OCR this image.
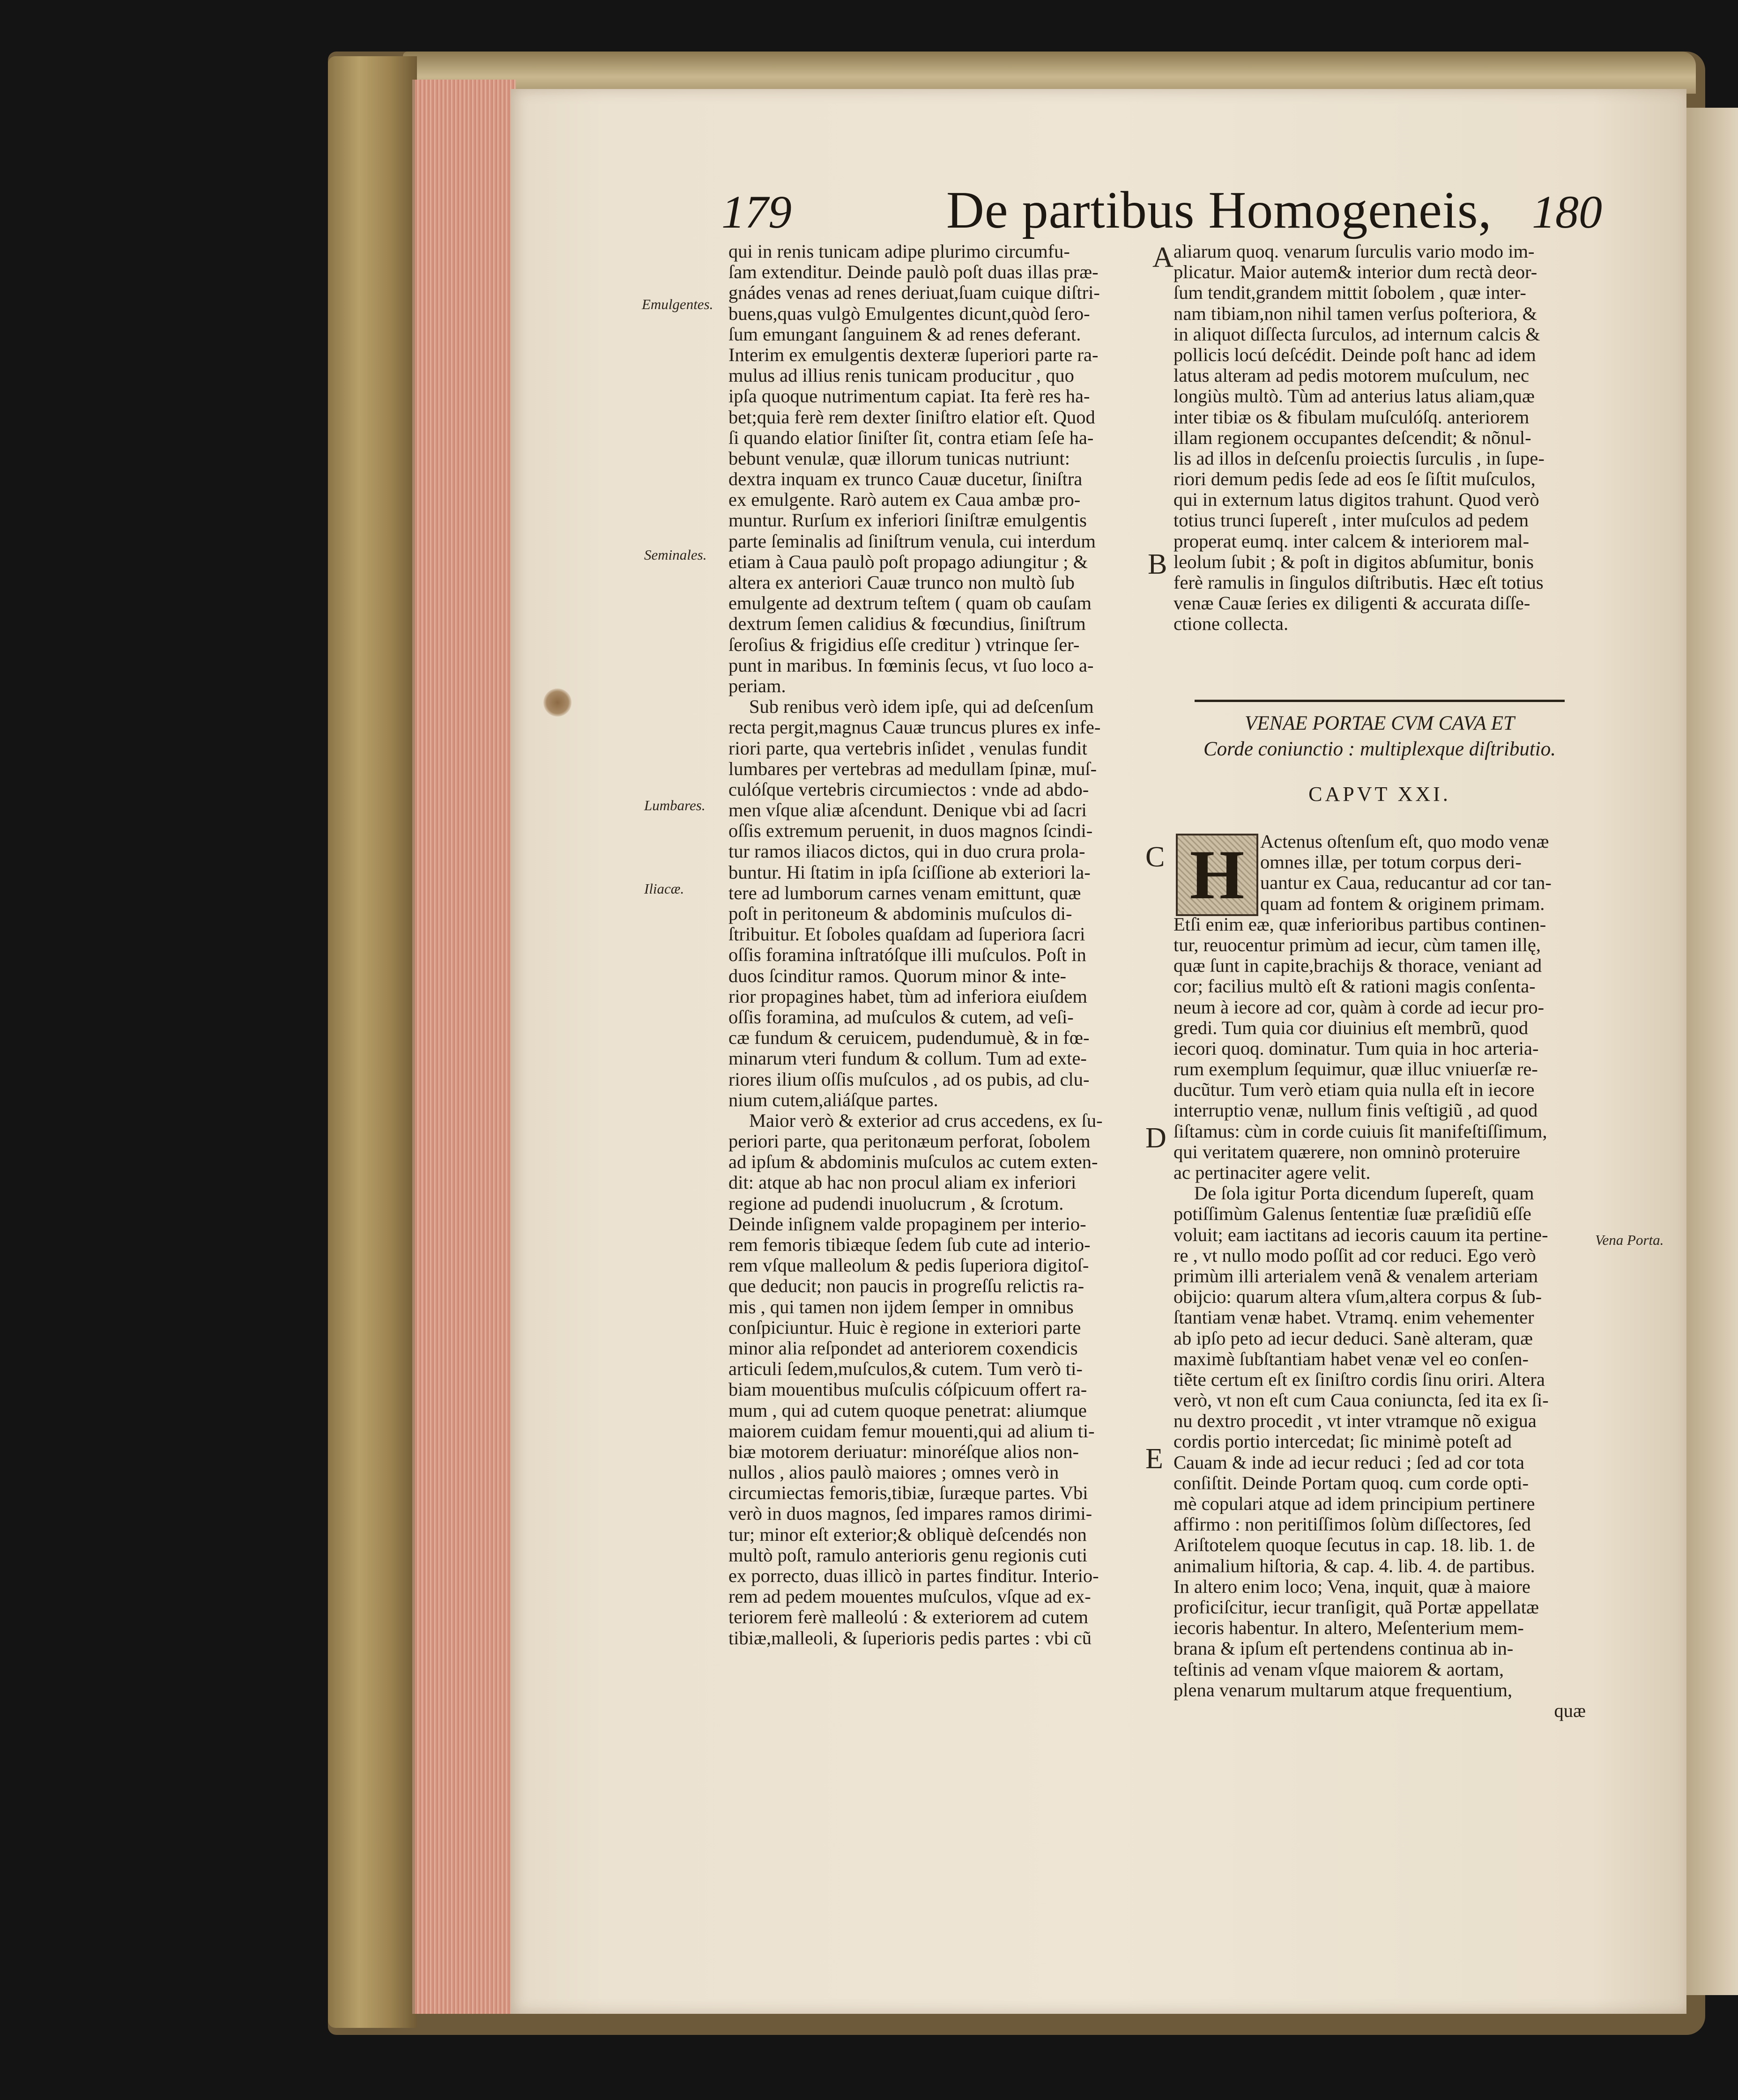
179	De partibus Homogeneis, 180
Emulgentes.
Seminales.
Lumbares.
Iliacæ.
Vena Porta.
A
B
C
D
E
qui in renis tunicam adipe plurimo circumfu-
ſam extenditur. Deinde paulò poſt duas illas præ-
gnádes venas ad renes deriuat,ſuam cuique diſtri-
buens,quas vulgò Emulgentes dicunt,quòd ſero-
ſum emungant ſanguinem & ad renes deferant.
Interim ex emulgentis dexteræ ſuperiori parte ra-
mulus ad illius renis tunicam producitur , quo
ipſa quoque nutrimentum capiat. Ita ferè res ha-
bet;quia ferè rem dexter ſiniſtro elatior eſt. Quod
ſi quando elatior ſiniſter ſit, contra etiam ſeſe ha-
bebunt venulæ, quæ illorum tunicas nutriunt:
dextra inquam ex trunco Cauæ ducetur, ſiniſtra
ex emulgente. Rarò autem ex Caua ambæ pro-
muntur. Rurſum ex inferiori ſiniſtræ emulgentis
parte ſeminalis ad ſiniſtrum venula, cui interdum
etiam à Caua paulò poſt propago adiungitur ; &
altera ex anteriori Cauæ trunco non multò ſub
emulgente ad dextrum teſtem ( quam ob cauſam
dextrum ſemen calidius & fœcundius, ſiniſtrum
ſeroſius & frigidius eſſe creditur ) vtrinque ſer-
punt in maribus. In fœminis ſecus, vt ſuo loco a-
periam.
Sub renibus verò idem ipſe, qui ad deſcenſum
recta pergit,magnus Cauæ truncus plures ex infe-
riori parte, qua vertebris inſidet , venulas fundit
lumbares per vertebras ad medullam ſpinæ, muſ-
culóſque vertebris circumiectos : vnde ad abdo-
men vſque aliæ aſcendunt. Denique vbi ad ſacri
oſſis extremum peruenit, in duos magnos ſcindi-
tur ramos iliacos dictos, qui in duo crura prola-
buntur. Hi ſtatim in ipſa ſciſſione ab exteriori la-
tere ad lumborum carnes venam emittunt, quæ
poſt in peritoneum & abdominis muſculos di-
ſtribuitur. Et ſoboles quaſdam ad ſuperiora ſacri
oſſis foramina inſtratóſque illi muſculos. Poſt in
duos ſcinditur ramos. Quorum minor & inte-
rior propagines habet, tùm ad inferiora eiuſdem
oſſis foramina, ad muſculos & cutem, ad veſi-
cæ fundum & ceruicem, pudendumuè, & in fœ-
minarum vteri fundum & collum. Tum ad exte-
riores ilium oſſis muſculos , ad os pubis, ad clu-
nium cutem,aliáſque partes.
Maior verò & exterior ad crus accedens, ex ſu-
periori parte, qua peritonæum perforat, ſobolem
ad ipſum & abdominis muſculos ac cutem exten-
dit: atque ab hac non procul aliam ex inferiori
regione ad pudendi inuolucrum , & ſcrotum.
Deinde inſignem valde propaginem per interio-
rem femoris tibiæque ſedem ſub cute ad interio-
rem vſque malleolum & pedis ſuperiora digitoſ-
que deducit; non paucis in progreſſu relictis ra-
mis , qui tamen non ijdem ſemper in omnibus
conſpiciuntur. Huic è regione in exteriori parte
minor alia reſpondet ad anteriorem coxendicis
articuli ſedem,muſculos,& cutem. Tum verò ti-
biam mouentibus muſculis cóſpicuum offert ra-
mum , qui ad cutem quoque penetrat: aliumque
maiorem cuidam femur mouenti,qui ad alium ti-
biæ motorem deriuatur: minoréſque alios non-
nullos , alios paulò maiores ; omnes verò in
circumiectas femoris,tibiæ, ſuræque partes. Vbi
verò in duos magnos, ſed impares ramos dirimi-
tur; minor eſt exterior;& obliquè deſcendés non
multò poſt, ramulo anterioris genu regionis cuti
ex porrecto, duas illicò in partes finditur. Interio-
rem ad pedem mouentes muſculos, vſque ad ex-
teriorem ferè malleolú : & exteriorem ad cutem
tibiæ,malleoli, & ſuperioris pedis partes : vbi cũ
aliarum quoq. venarum ſurculis vario modo im-
plicatur. Maior autem& interior dum rectà deor-
ſum tendit,grandem mittit ſobolem , quæ inter-
nam tibiam,non nihil tamen verſus poſteriora, &
in aliquot diſſecta ſurculos, ad internum calcis &
pollicis locú deſcédit. Deinde poſt hanc ad idem
latus alteram ad pedis motorem muſculum, nec
longiùs multò. Tùm ad anterius latus aliam,quæ
inter tibiæ os & fibulam muſculóſq. anteriorem
illam regionem occupantes deſcendit; & nõnul-
lis ad illos in deſcenſu proiectis ſurculis , in ſupe-
riori demum pedis ſede ad eos ſe ſiſtit muſculos,
qui in externum latus digitos trahunt. Quod verò
totius trunci ſupereſt , inter muſculos ad pedem
properat eumq. inter calcem & interiorem mal-
leolum ſubit ; & poſt in digitos abſumitur, bonis
ferè ramulis in ſingulos diſtributis. Hæc eſt totius
venæ Cauæ ſeries ex diligenti & accurata diſſe-
ctione collecta.
VENAE PORTAE CVM CAVA ET
Corde coniunctio : multiplexque diſtributio.
CAPVT XXI.
H Actenus oſtenſum eſt, quo modo venæ
omnes illæ, per totum corpus deri-
uantur ex Caua, reducantur ad cor tan-
quam ad fontem & originem primam.
Etſi enim eæ, quæ inferioribus partibus continen-
tur, reuocentur primùm ad iecur, cùm tamen illę,
quæ ſunt in capite,brachijs & thorace, veniant ad
cor; facilius multò eſt & rationi magis conſenta-
neum à iecore ad cor, quàm à corde ad iecur pro-
gredi. Tum quia cor diuinius eſt membrũ, quod
iecori quoq. dominatur. Tum quia in hoc arteria-
rum exemplum ſequimur, quæ illuc vniuerſæ re-
ducũtur. Tum verò etiam quia nulla eſt in iecore
interruptio venæ, nullum finis veſtigiũ , ad quod
ſiſtamus: cùm in corde cuiuis ſit manifeſtiſſimum,
qui veritatem quærere, non omninò proteruire
ac pertinaciter agere velit.
De ſola igitur Porta dicendum ſupereſt, quam
potiſſimùm Galenus ſententiæ ſuæ præſidiũ eſſe
voluit; eam iactitans ad iecoris cauum ita pertine-
re , vt nullo modo poſſit ad cor reduci. Ego verò
primùm illi arterialem venã & venalem arteriam
obijcio: quarum altera vſum,altera corpus & ſub-
ſtantiam venæ habet. Vtramq. enim vehementer
ab ipſo peto ad iecur deduci. Sanè alteram, quæ
maximè ſubſtantiam habet venæ vel eo conſen-
tiẽte certum eſt ex ſiniſtro cordis ſinu oriri. Altera
verò, vt non eſt cum Caua coniuncta, ſed ita ex ſi-
nu dextro procedit , vt inter vtramque nõ exigua
cordis portio intercedat; ſic minimè poteſt ad
Cauam & inde ad iecur reduci ; ſed ad cor tota
conſiſtit. Deinde Portam quoq. cum corde opti-
mè copulari atque ad idem principium pertinere
affirmo : non peritiſſimos ſolùm diſſectores, ſed
Ariſtotelem quoque ſecutus in cap. 18. lib. 1. de
animalium hiſtoria, & cap. 4. lib. 4. de partibus.
In altero enim loco; Vena, inquit, quæ à maiore
proficiſcitur, iecur tranſigit, quã Portæ appellatæ
iecoris habentur. In altero, Meſenterium mem-
brana & ipſum eſt pertendens continua ab in-
teſtinis ad venam vſque maiorem & aortam,
plena venarum multarum atque frequentium,
quæ
